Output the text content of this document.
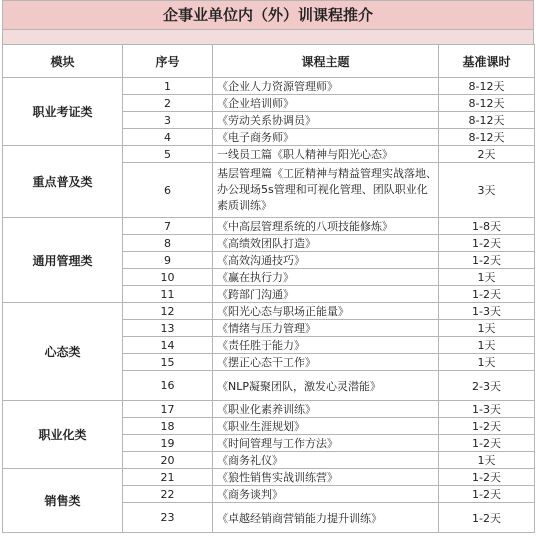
企事业单位内（外）训课程推介
模块	序号	课程主题	基准课时
职业考证类	1	《企业人力资源管理师》	8-12天
	2	《企业培训师》	8-12天
	3	《劳动关系协调员》	8-12天
	4	《电子商务师》	8-12天
重点普及类	5	一线员工篇《职人精神与阳光心态》	2天
	6	基层管理篇《工匠精神与精益管理实战落地、办公现场5s管理和可视化管理、团队职业化素质训练》	3天
通用管理类	7	《中高层管理系统的八项技能修炼》	1-8天
	8	《高绩效团队打造》	1-2天
	9	《高效沟通技巧》	1-2天
	10	《赢在执行力》	1天
	11	《跨部门沟通》	1-2天
心态类	12	《阳光心态与职场正能量》	1-3天
	13	《情绪与压力管理》	1天
	14	《责任胜于能力》	1天
	15	《摆正心态干工作》	1天
	16	《NLP凝聚团队，激发心灵潜能》	2-3天
职业化类	17	《职业化素养训练》	1-3天
	18	《职业生涯规划》	1-2天
	19	《时间管理与工作方法》	1-2天
	20	《商务礼仪》	1天
销售类	21	《狼性销售实战训练营》	1-2天
	22	《商务谈判》	1-2天
	23	《卓越经销商营销能力提升训练》	1-2天
